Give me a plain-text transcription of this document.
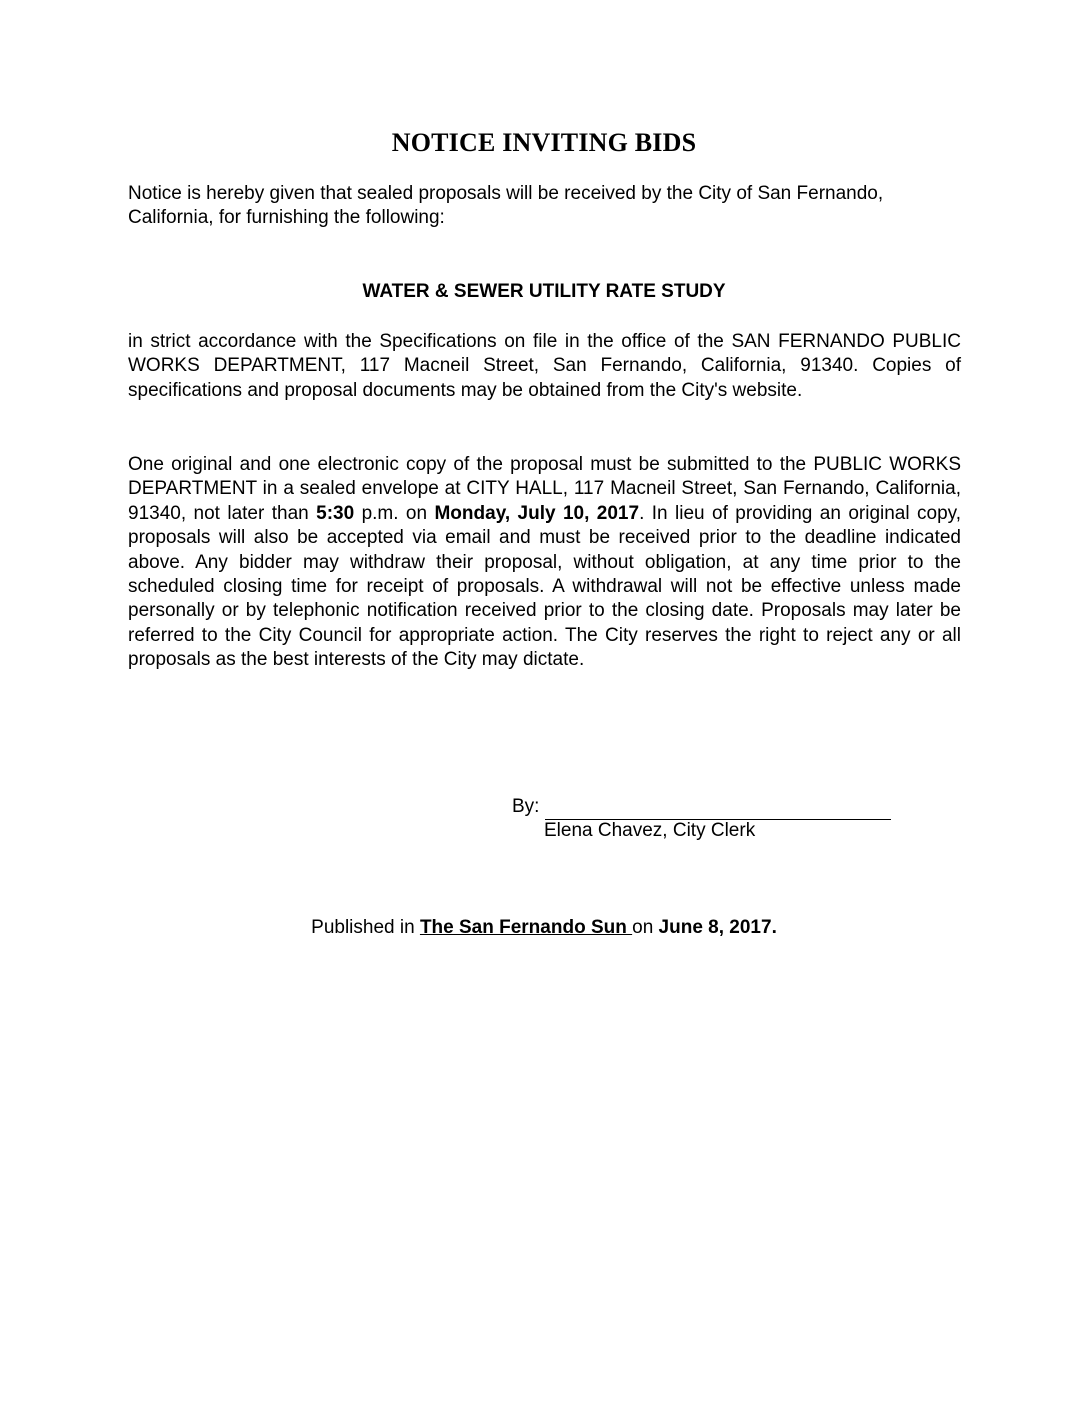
NOTICE INVITING BIDS
Notice is hereby given that sealed proposals will be received by the City of San Fernando, California, for furnishing the following:
WATER & SEWER UTILITY RATE STUDY
in strict accordance with the Specifications on file in the office of the SAN FERNANDO PUBLIC WORKS DEPARTMENT, 117 Macneil Street, San Fernando, California, 91340. Copies of specifications and proposal documents may be obtained from the City's website.
One original and one electronic copy of the proposal must be submitted to the PUBLIC WORKS DEPARTMENT in a sealed envelope at CITY HALL, 117 Macneil Street, San Fernando, California, 91340, not later than 5:30 p.m. on Monday, July 10, 2017. In lieu of providing an original copy, proposals will also be accepted via email and must be received prior to the deadline indicated above. Any bidder may withdraw their proposal, without obligation, at any time prior to the scheduled closing time for receipt of proposals. A withdrawal will not be effective unless made personally or by telephonic notification received prior to the closing date. Proposals may later be referred to the City Council for appropriate action. The City reserves the right to reject any or all proposals as the best interests of the City may dictate.
By:
Elena Chavez, City Clerk
Published in The San Fernando Sun on June 8, 2017.
